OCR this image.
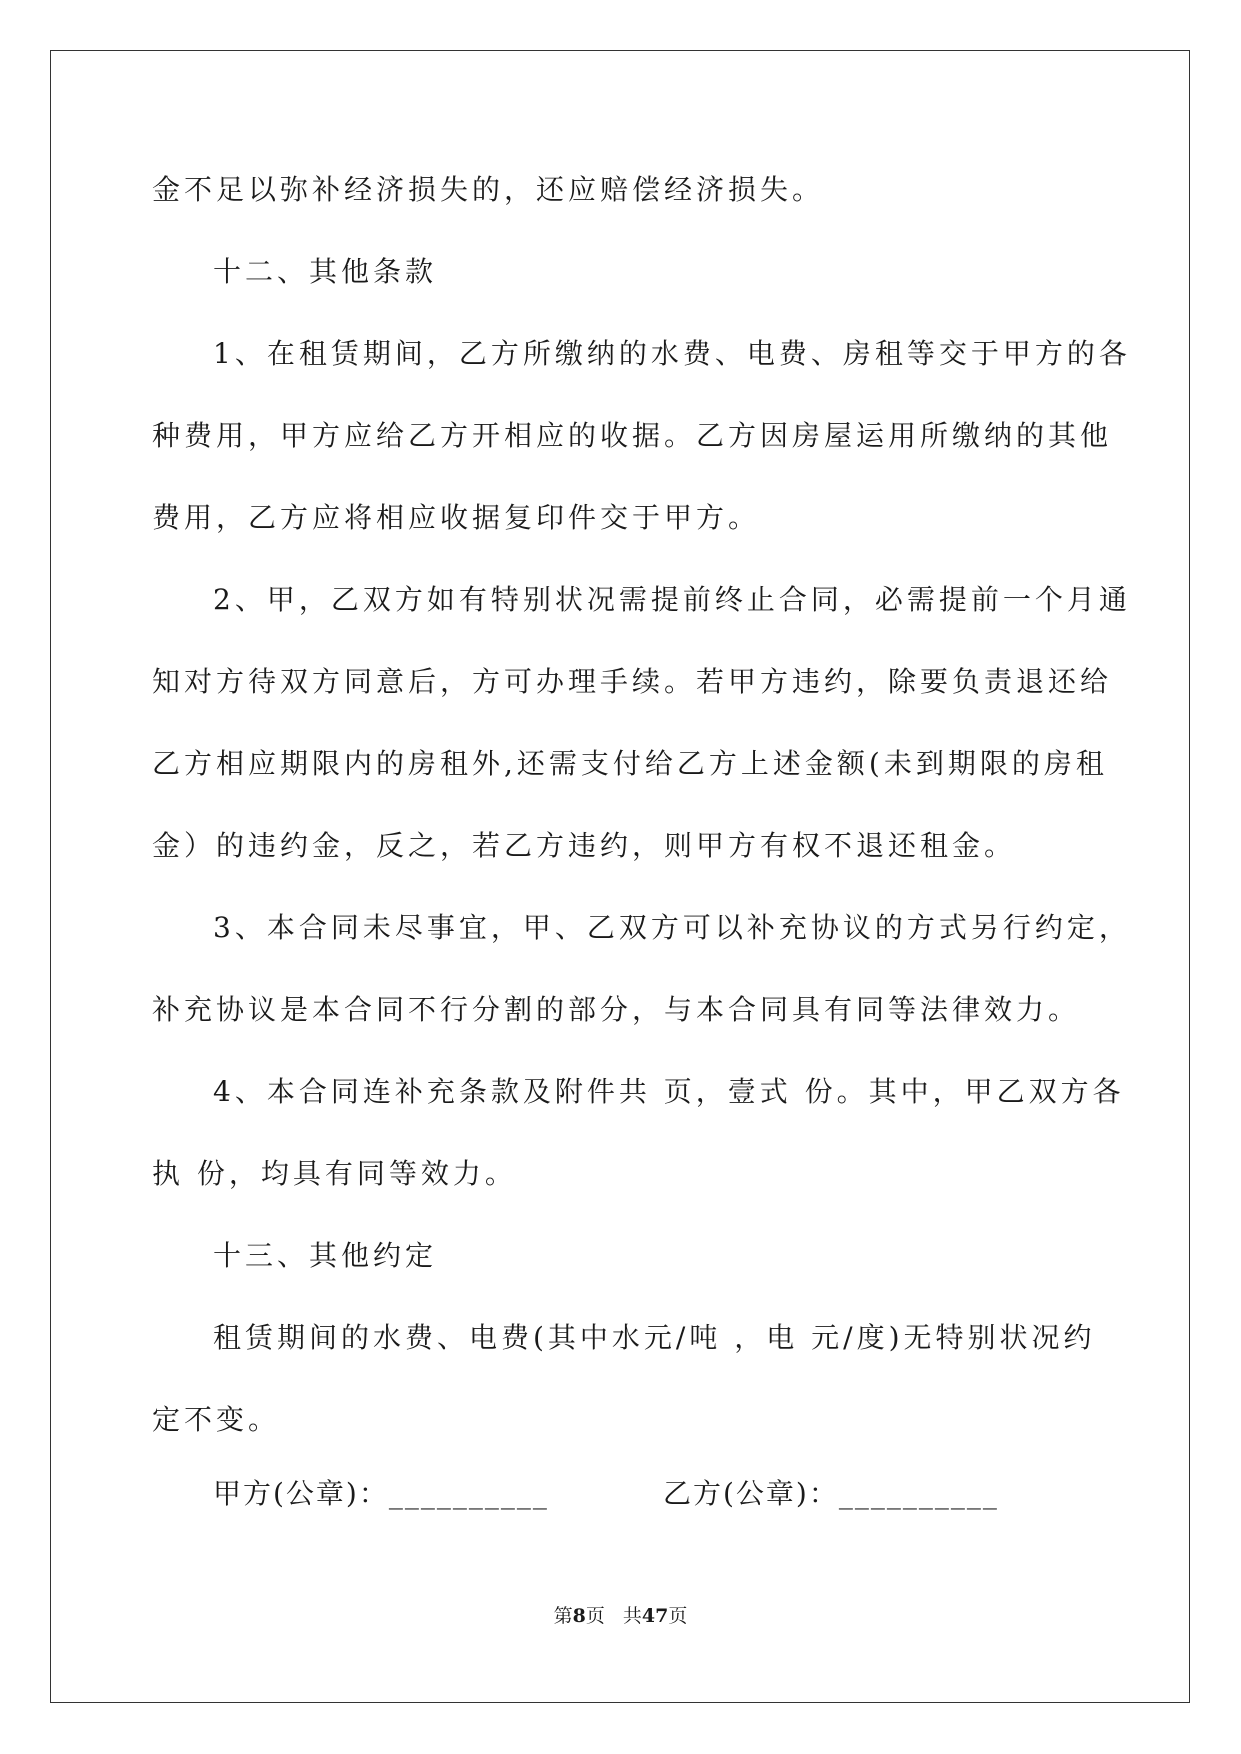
金不足以弥补经济损失的，还应赔偿经济损失。
十二、其他条款
1、在租赁期间，乙方所缴纳的水费、电费、房租等交于甲方的各
种费用，甲方应给乙方开相应的收据。乙方因房屋运用所缴纳的其他
费用，乙方应将相应收据复印件交于甲方。
2、甲，乙双方如有特别状况需提前终止合同，必需提前一个月通
知对方待双方同意后，方可办理手续。若甲方违约，除要负责退还给
乙方相应期限内的房租外,还需支付给乙方上述金额(未到期限的房租
金）的违约金，反之，若乙方违约，则甲方有权不退还租金。
3、本合同未尽事宜，甲、乙双方可以补充协议的方式另行约定，
补充协议是本合同不行分割的部分，与本合同具有同等法律效力。
4、本合同连补充条款及附件共 页，壹式 份。其中，甲乙双方各
执 份，均具有同等效力。
十三、其他约定
租赁期间的水费、电费(其中水元/吨 ，电 元/度)无特别状况约
定不变。
甲方(公章)：__________	乙方(公章)：__________
第8页 共47页
